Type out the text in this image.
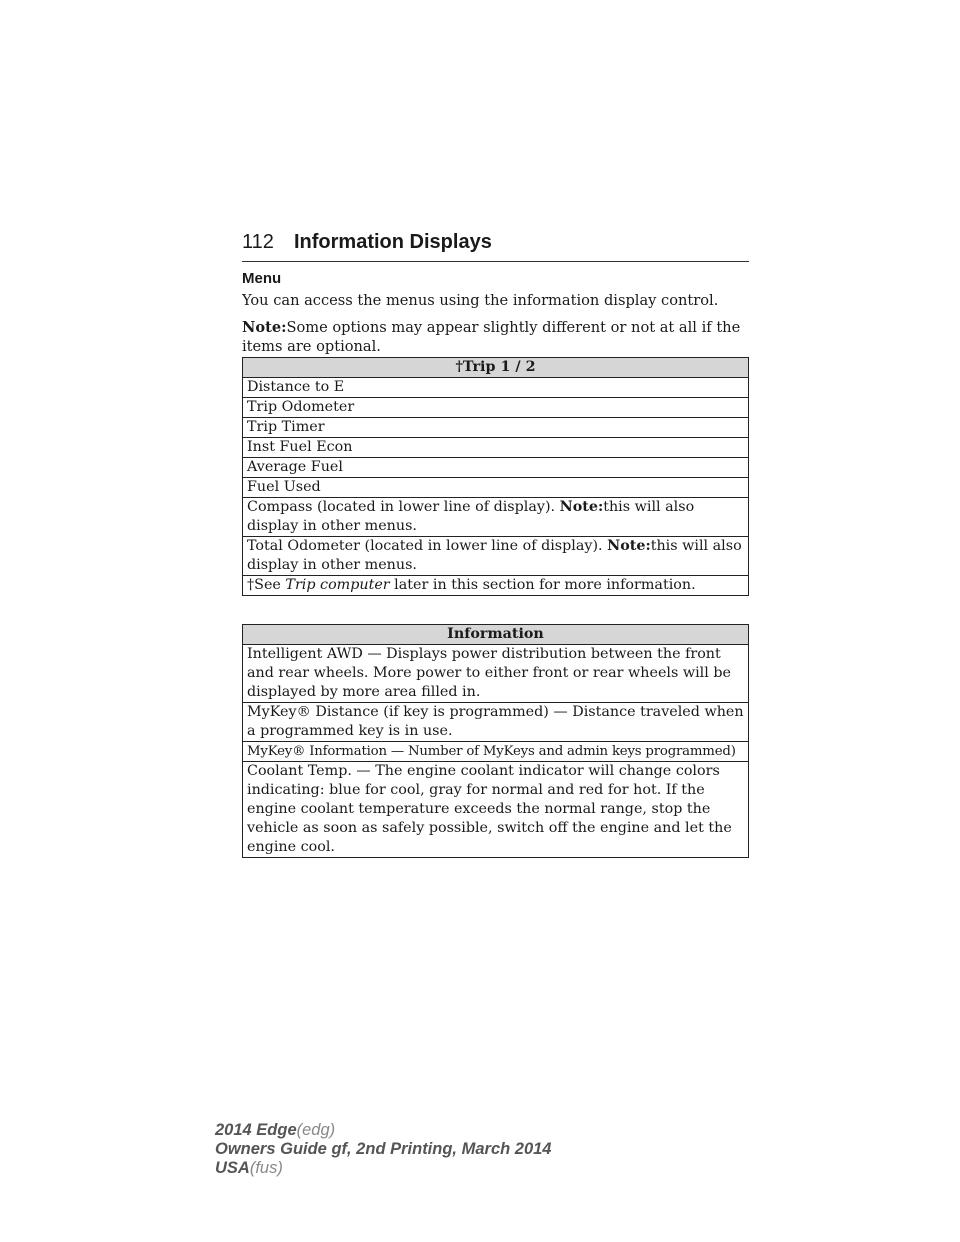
112 Information Displays
Menu
You can access the menus using the information display control.
Note:Some options may appear slightly different or not at all if the items are optional.
†Trip 1 / 2
Distance to E
Trip Odometer
Trip Timer
Inst Fuel Econ
Average Fuel
Fuel Used
Compass (located in lower line of display). Note:this will also display in other menus.
Total Odometer (located in lower line of display). Note:this will also display in other menus.
†See Trip computer later in this section for more information.
Information
Intelligent AWD — Displays power distribution between the front and rear wheels. More power to either front or rear wheels will be displayed by more area filled in.
MyKey® Distance (if key is programmed) — Distance traveled when a programmed key is in use.
MyKey® Information — Number of MyKeys and admin keys programmed)
Coolant Temp. — The engine coolant indicator will change colors indicating: blue for cool, gray for normal and red for hot. If the engine coolant temperature exceeds the normal range, stop the vehicle as soon as safely possible, switch off the engine and let the engine cool.
2014 Edge(edg)
Owners Guide gf, 2nd Printing, March 2014
USA(fus)
